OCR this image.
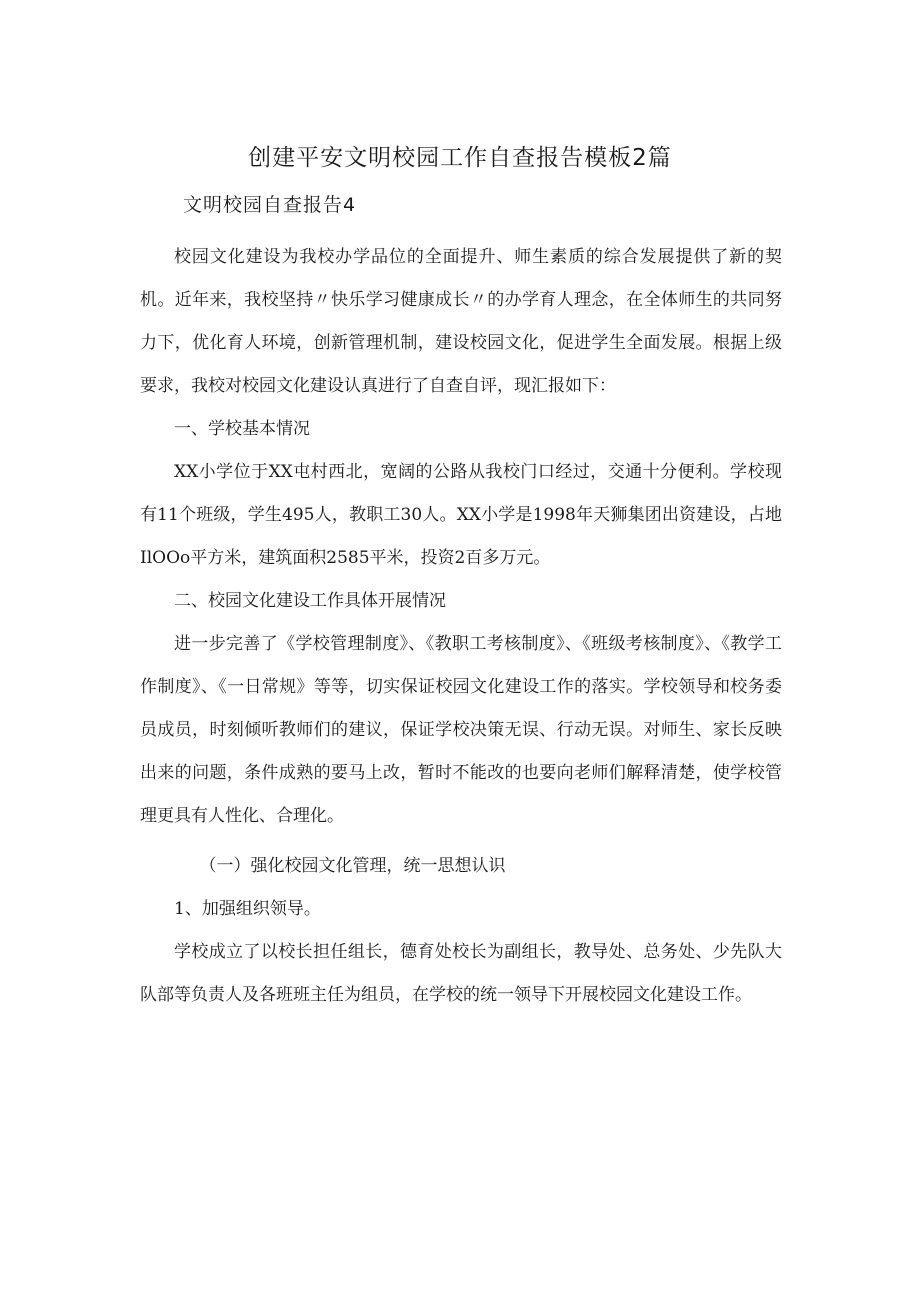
创建平安文明校园工作自查报告模板2篇
文明校园自查报告4

校园文化建设为我校办学品位的全面提升、师生素质的综合发展提供了新的契机。近年来，我校坚持〃快乐学习健康成长〃的办学育人理念，在全体师生的共同努力下，优化育人环境，创新管理机制，建设校园文化，促进学生全面发展。根据上级要求，我校对校园文化建设认真进行了自查自评，现汇报如下：

一、学校基本情况

XX小学位于XX屯村西北，宽阔的公路从我校门口经过，交通十分便利。学校现有11个班级，学生495人，教职工30人。XX小学是1998年天狮集团出资建设，占地IlOOo平方米，建筑面积2585平米，投资2百多万元。

二、校园文化建设工作具体开展情况

进一步完善了《学校管理制度》、《教职工考核制度》、《班级考核制度》、《教学工作制度》、《一日常规》等等，切实保证校园文化建设工作的落实。学校领导和校务委员成员，时刻倾听教师们的建议，保证学校决策无误、行动无误。对师生、家长反映出来的问题，条件成熟的要马上改，暂时不能改的也要向老师们解释清楚，使学校管理更具有人性化、合理化。

（一）强化校园文化管理，统一思想认识

1、加强组织领导。

学校成立了以校长担任组长，德育处校长为副组长，教导处、总务处、少先队大队部等负责人及各班班主任为组员，在学校的统一领导下开展校园文化建设工作。
